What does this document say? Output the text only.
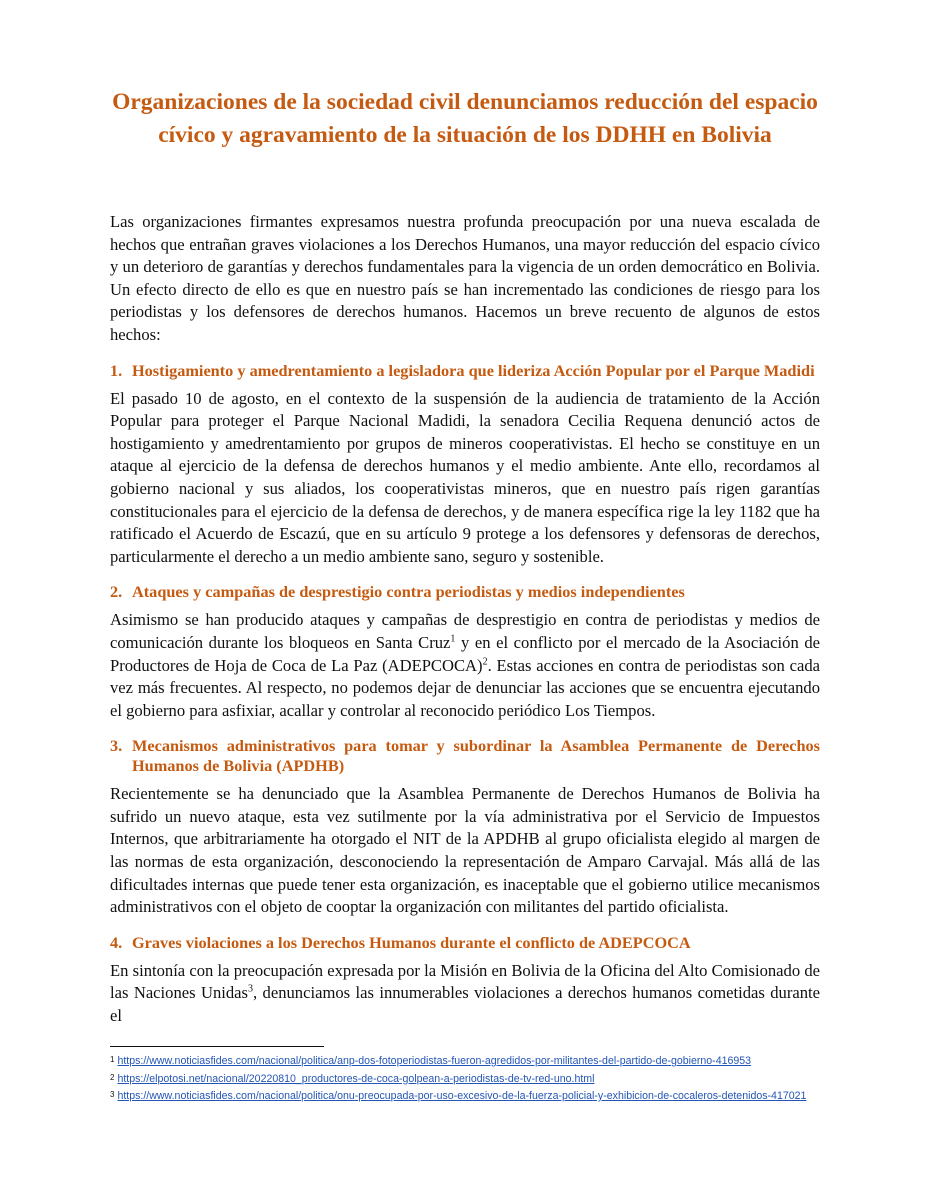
Organizaciones de la sociedad civil denunciamos reducción del espacio cívico y agravamiento de la situación de los DDHH en Bolivia

Las organizaciones firmantes expresamos nuestra profunda preocupación por una nueva escalada de hechos que entrañan graves violaciones a los Derechos Humanos, una mayor reducción del espacio cívico y un deterioro de garantías y derechos fundamentales para la vigencia de un orden democrático en Bolivia. Un efecto directo de ello es que en nuestro país se han incrementado las condiciones de riesgo para los periodistas y los defensores de derechos humanos. Hacemos un breve recuento de algunos de estos hechos:

1. Hostigamiento y amedrentamiento a legisladora que lideriza Acción Popular por el Parque Madidi

El pasado 10 de agosto, en el contexto de la suspensión de la audiencia de tratamiento de la Acción Popular para proteger el Parque Nacional Madidi, la senadora Cecilia Requena denunció actos de hostigamiento y amedrentamiento por grupos de mineros cooperativistas. El hecho se constituye en un ataque al ejercicio de la defensa de derechos humanos y el medio ambiente. Ante ello, recordamos al gobierno nacional y sus aliados, los cooperativistas mineros, que en nuestro país rigen garantías constitucionales para el ejercicio de la defensa de derechos, y de manera específica rige la ley 1182 que ha ratificado el Acuerdo de Escazú, que en su artículo 9 protege a los defensores y defensoras de derechos, particularmente el derecho a un medio ambiente sano, seguro y sostenible.

2. Ataques y campañas de desprestigio contra periodistas y medios independientes

Asimismo se han producido ataques y campañas de desprestigio en contra de periodistas y medios de comunicación durante los bloqueos en Santa Cruz$^1$ y en el conflicto por el mercado de la Asociación de Productores de Hoja de Coca de La Paz (ADEPCOCA)$^2$. Estas acciones en contra de periodistas son cada vez más frecuentes. Al respecto, no podemos dejar de denunciar las acciones que se encuentra ejecutando el gobierno para asfixiar, acallar y controlar al reconocido periódico Los Tiempos.

3. Mecanismos administrativos para tomar y subordinar la Asamblea Permanente de Derechos Humanos de Bolivia (APDHB)

Recientemente se ha denunciado que la Asamblea Permanente de Derechos Humanos de Bolivia ha sufrido un nuevo ataque, esta vez sutilmente por la vía administrativa por el Servicio de Impuestos Internos, que arbitrariamente ha otorgado el NIT de la APDHB al grupo oficialista elegido al margen de las normas de esta organización, desconociendo la representación de Amparo Carvajal. Más allá de las dificultades internas que puede tener esta organización, es inaceptable que el gobierno utilice mecanismos administrativos con el objeto de cooptar la organización con militantes del partido oficialista.

4. Graves violaciones a los Derechos Humanos durante el conflicto de ADEPCOCA

En sintonía con la preocupación expresada por la Misión en Bolivia de la Oficina del Alto Comisionado de las Naciones Unidas$^3$, denunciamos las innumerables violaciones a derechos humanos cometidas durante el

1 https://www.noticiasfides.com/nacional/politica/anp-dos-fotoperiodistas-fueron-agredidos-por-militantes-del-partido-de-gobierno-416953

2 https://elpotosi.net/nacional/20220810_productores-de-coca-golpean-a-periodistas-de-tv-red-uno.html

3 https://www.noticiasfides.com/nacional/politica/onu-preocupada-por-uso-excesivo-de-la-fuerza-policial-y-exhibicion-de-cocaleros-detenidos-417021
